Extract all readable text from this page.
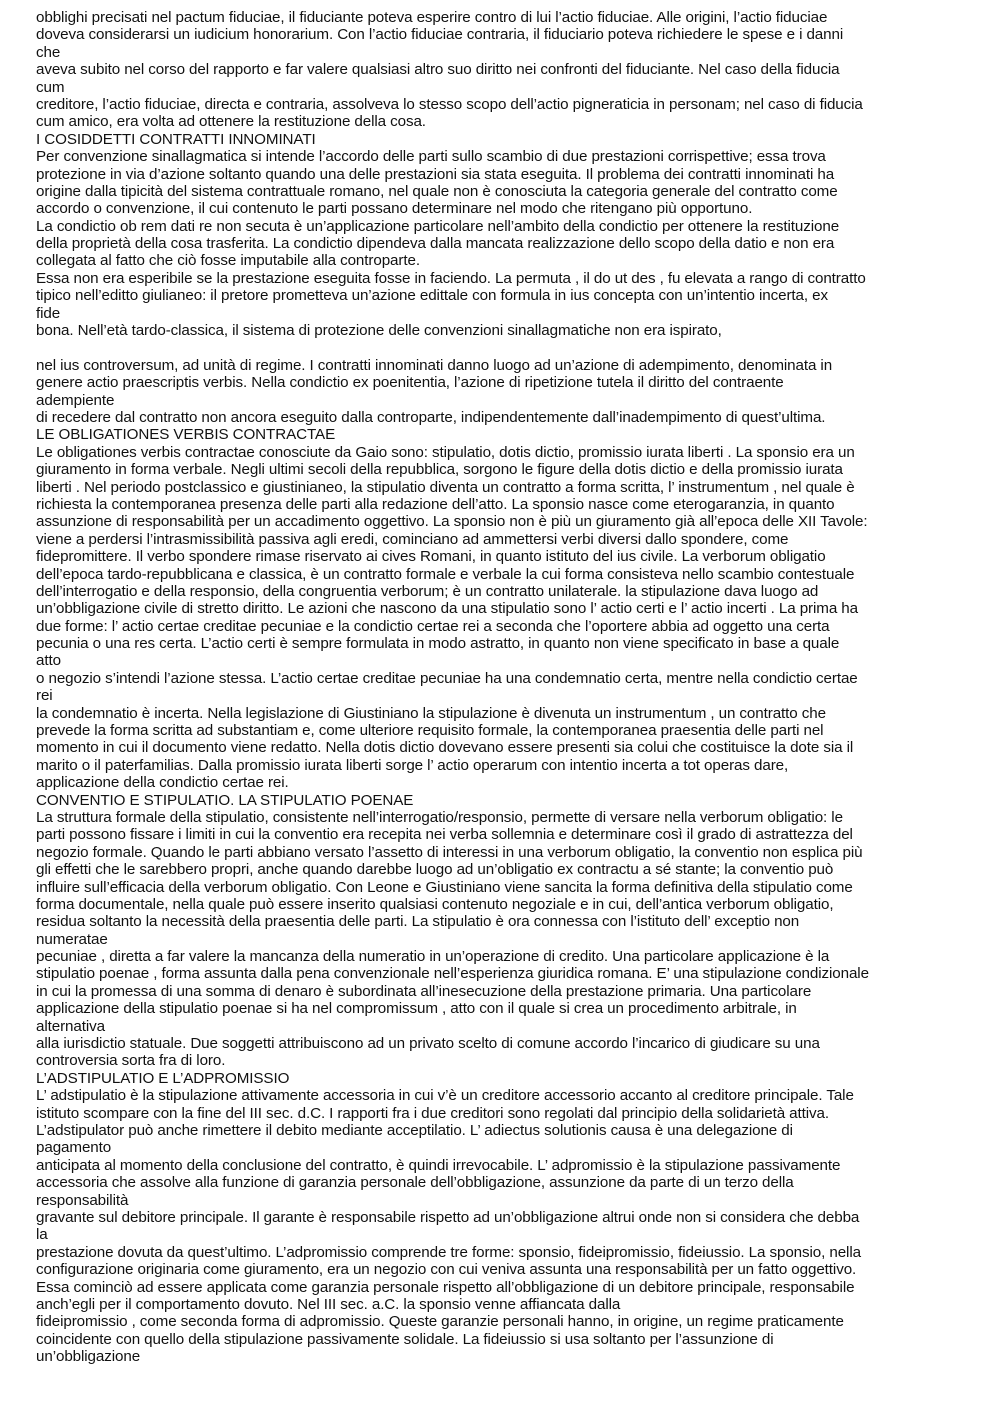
obblighi precisati nel pactum fiduciae, il fiduciante poteva esperire contro di lui l’actio fiduciae. Alle origini, l’actio fiduciae
doveva considerarsi un iudicium honorarium. Con l’actio fiduciae contraria, il fiduciario poteva richiedere le spese e i danni
che
aveva subito nel corso del rapporto e far valere qualsiasi altro suo diritto nei confronti del fiduciante. Nel caso della fiducia
cum
creditore, l’actio fiduciae, directa e contraria, assolveva lo stesso scopo dell’actio pigneraticia in personam; nel caso di fiducia
cum amico, era volta ad ottenere la restituzione della cosa.
I COSIDDETTI CONTRATTI INNOMINATI
Per convenzione sinallagmatica si intende l’accordo delle parti sullo scambio di due prestazioni corrispettive; essa trova
protezione in via d’azione soltanto quando una delle prestazioni sia stata eseguita. Il problema dei contratti innominati ha
origine dalla tipicità del sistema contrattuale romano, nel quale non è conosciuta la categoria generale del contratto come
accordo o convenzione, il cui contenuto le parti possano determinare nel modo che ritengano più opportuno.
La condictio ob rem dati re non secuta è un’applicazione particolare nell’ambito della condictio per ottenere la restituzione
della proprietà della cosa trasferita. La condictio dipendeva dalla mancata realizzazione dello scopo della datio e non era
collegata al fatto che ciò fosse imputabile alla controparte.
Essa non era esperibile se la prestazione eseguita fosse in faciendo. La permuta , il do ut des , fu elevata a rango di contratto
tipico nell’editto giulianeo: il pretore prometteva un’azione edittale con formula in ius concepta con un’intentio incerta, ex
fide
bona. Nell’età tardo-classica, il sistema di protezione delle convenzioni sinallagmatiche non era ispirato,
nel ius controversum, ad unità di regime. I contratti innominati danno luogo ad un’azione di adempimento, denominata in
genere actio praescriptis verbis. Nella condictio ex poenitentia, l’azione di ripetizione tutela il diritto del contraente
adempiente
di recedere dal contratto non ancora eseguito dalla controparte, indipendentemente dall’inadempimento di quest’ultima.
LE OBLIGATIONES VERBIS CONTRACTAE
Le obligationes verbis contractae conosciute da Gaio sono: stipulatio, dotis dictio, promissio iurata liberti . La sponsio era un
giuramento in forma verbale. Negli ultimi secoli della repubblica, sorgono le figure della dotis dictio e della promissio iurata
liberti . Nel periodo postclassico e giustinianeo, la stipulatio diventa un contratto a forma scritta, l’ instrumentum , nel quale è
richiesta la contemporanea presenza delle parti alla redazione dell’atto. La sponsio nasce come eterogaranzia, in quanto
assunzione di responsabilità per un accadimento oggettivo. La sponsio non è più un giuramento già all’epoca delle XII Tavole:
viene a perdersi l’intrasmissibilità passiva agli eredi, cominciano ad ammettersi verbi diversi dallo spondere, come
fidepromittere. Il verbo spondere rimase riservato ai cives Romani, in quanto istituto del ius civile. La verborum obligatio
dell’epoca tardo-repubblicana e classica, è un contratto formale e verbale la cui forma consisteva nello scambio contestuale
dell’interrogatio e della responsio, della congruentia verborum; è un contratto unilaterale. la stipulazione dava luogo ad
un’obbligazione civile di stretto diritto. Le azioni che nascono da una stipulatio sono l’ actio certi e l’ actio incerti . La prima ha
due forme: l’ actio certae creditae pecuniae e la condictio certae rei a seconda che l’oportere abbia ad oggetto una certa
pecunia o una res certa. L’actio certi è sempre formulata in modo astratto, in quanto non viene specificato in base a quale
atto
o negozio s’intendi l’azione stessa. L’actio certae creditae pecuniae ha una condemnatio certa, mentre nella condictio certae
rei
la condemnatio è incerta. Nella legislazione di Giustiniano la stipulazione è divenuta un instrumentum , un contratto che
prevede la forma scritta ad substantiam e, come ulteriore requisito formale, la contemporanea praesentia delle parti nel
momento in cui il documento viene redatto. Nella dotis dictio dovevano essere presenti sia colui che costituisce la dote sia il
marito o il paterfamilias. Dalla promissio iurata liberti sorge l’ actio operarum con intentio incerta a tot operas dare,
applicazione della condictio certae rei.
CONVENTIO E STIPULATIO. LA STIPULATIO POENAE
La struttura formale della stipulatio, consistente nell’interrogatio/responsio, permette di versare nella verborum obligatio: le
parti possono fissare i limiti in cui la conventio era recepita nei verba sollemnia e determinare così il grado di astrattezza del
negozio formale. Quando le parti abbiano versato l’assetto di interessi in una verborum obligatio, la conventio non esplica più
gli effetti che le sarebbero propri, anche quando darebbe luogo ad un’obligatio ex contractu a sé stante; la conventio può
influire sull’efficacia della verborum obligatio. Con Leone e Giustiniano viene sancita la forma definitiva della stipulatio come
forma documentale, nella quale può essere inserito qualsiasi contenuto negoziale e in cui, dell’antica verborum obligatio,
residua soltanto la necessità della praesentia delle parti. La stipulatio è ora connessa con l’istituto dell’ exceptio non
numeratae
pecuniae , diretta a far valere la mancanza della numeratio in un’operazione di credito. Una particolare applicazione è la
stipulatio poenae , forma assunta dalla pena convenzionale nell’esperienza giuridica romana. E’ una stipulazione condizionale
in cui la promessa di una somma di denaro è subordinata all’inesecuzione della prestazione primaria. Una particolare
applicazione della stipulatio poenae si ha nel compromissum , atto con il quale si crea un procedimento arbitrale, in
alternativa
alla iurisdictio statuale. Due soggetti attribuiscono ad un privato scelto di comune accordo l’incarico di giudicare su una
controversia sorta fra di loro.
L’ADSTIPULATIO E L’ADPROMISSIO
L’ adstipulatio è la stipulazione attivamente accessoria in cui v’è un creditore accessorio accanto al creditore principale. Tale
istituto scompare con la fine del III sec. d.C. I rapporti fra i due creditori sono regolati dal principio della solidarietà attiva.
L’adstipulator può anche rimettere il debito mediante acceptilatio. L’ adiectus solutionis causa è una delegazione di
pagamento
anticipata al momento della conclusione del contratto, è quindi irrevocabile. L’ adpromissio è la stipulazione passivamente
accessoria che assolve alla funzione di garanzia personale dell’obbligazione, assunzione da parte di un terzo della
responsabilità
gravante sul debitore principale. Il garante è responsabile rispetto ad un’obbligazione altrui onde non si considera che debba
la
prestazione dovuta da quest’ultimo. L’adpromissio comprende tre forme: sponsio, fideipromissio, fideiussio. La sponsio, nella
configurazione originaria come giuramento, era un negozio con cui veniva assunta una responsabilità per un fatto oggettivo.
Essa cominciò ad essere applicata come garanzia personale rispetto all’obbligazione di un debitore principale, responsabile
anch’egli per il comportamento dovuto. Nel III sec. a.C. la sponsio venne affiancata dalla
fideipromissio , come seconda forma di adpromissio. Queste garanzie personali hanno, in origine, un regime praticamente
coincidente con quello della stipulazione passivamente solidale. La fideiussio si usa soltanto per l’assunzione di
un’obbligazione
